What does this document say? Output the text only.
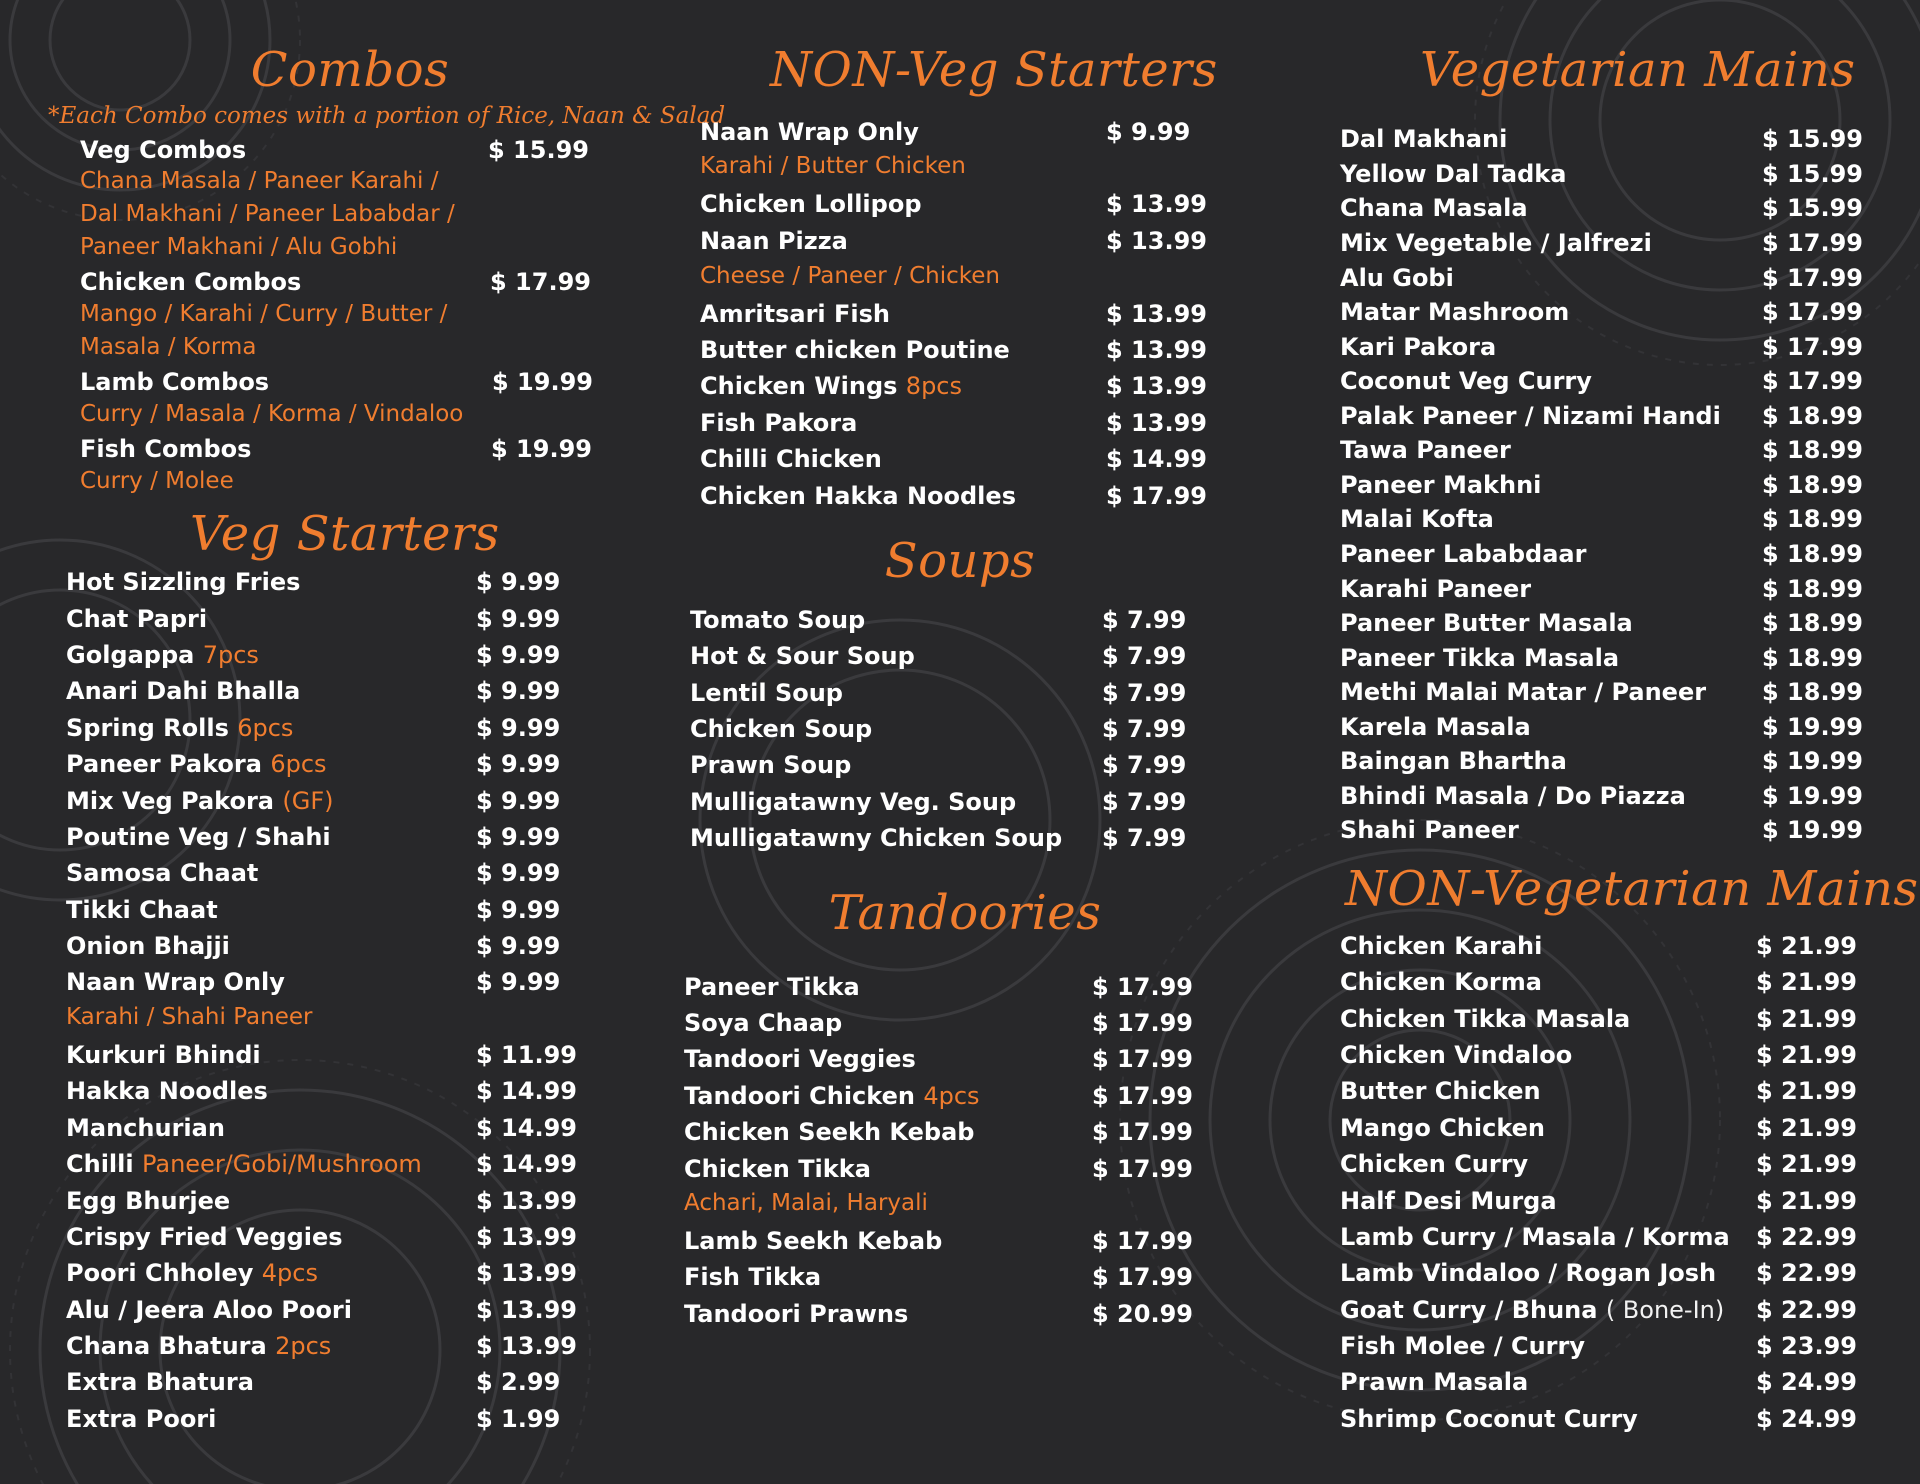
Combos
*Each Combo comes with a portion of Rice, Naan & Salad
Veg Combos	$ 15.99
Chana Masala / Paneer Karahi /
Dal Makhani / Paneer Lababdar /
Paneer Makhani / Alu Gobhi
Chicken Combos	$ 17.99
Mango / Karahi / Curry / Butter /
Masala / Korma
Lamb Combos	$ 19.99
Curry / Masala / Korma / Vindaloo
Fish Combos	$ 19.99
Curry / Molee
Veg Starters
Hot Sizzling Fries	$ 9.99
Chat Papri	$ 9.99
Golgappa 7pcs	$ 9.99
Anari Dahi Bhalla	$ 9.99
Spring Rolls 6pcs	$ 9.99
Paneer Pakora 6pcs	$ 9.99
Mix Veg Pakora (GF)	$ 9.99
Poutine Veg / Shahi	$ 9.99
Samosa Chaat	$ 9.99
Tikki Chaat	$ 9.99
Onion Bhajji	$ 9.99
Naan Wrap Only	$ 9.99
Karahi / Shahi Paneer
Kurkuri Bhindi	$ 11.99
Hakka Noodles	$ 14.99
Manchurian	$ 14.99
Chilli Paneer/Gobi/Mushroom $ 14.99
Egg Bhurjee	$ 13.99
Crispy Fried Veggies	$ 13.99
Poori Chholey 4pcs	$ 13.99
Alu / Jeera Aloo Poori	$ 13.99
Chana Bhatura 2pcs	$ 13.99
Extra Bhatura	$ 2.99
Extra Poori	$ 1.99
NON-Veg Starters
Naan Wrap Only	$ 9.99
Karahi / Butter Chicken
Chicken Lollipop	$ 13.99
Naan Pizza	$ 13.99
Cheese / Paneer / Chicken
Amritsari Fish	$ 13.99
Butter chicken Poutine	$ 13.99
Chicken Wings 8pcs	$ 13.99
Fish Pakora	$ 13.99
Chilli Chicken	$ 14.99
Chicken Hakka Noodles	$ 17.99
Soups
Tomato Soup	$ 7.99
Hot & Sour Soup	$ 7.99
Lentil Soup	$ 7.99
Chicken Soup	$ 7.99
Prawn Soup	$ 7.99
Mulligatawny Veg. Soup	$ 7.99
Mulligatawny Chicken Soup $ 7.99
Tandoories
Paneer Tikka	$ 17.99
Soya Chaap	$ 17.99
Tandoori Veggies	$ 17.99
Tandoori Chicken 4pcs	$ 17.99
Chicken Seekh Kebab	$ 17.99
Chicken Tikka	$ 17.99
Achari, Malai, Haryali
Lamb Seekh Kebab	$ 17.99
Fish Tikka	$ 17.99
Tandoori Prawns	$ 20.99
Vegetarian Mains
Dal Makhani	$ 15.99
Yellow Dal Tadka	$ 15.99
Chana Masala	$ 15.99
Mix Vegetable / Jalfrezi	$ 17.99
Alu Gobi	$ 17.99
Matar Mashroom	$ 17.99
Kari Pakora	$ 17.99
Coconut Veg Curry	$ 17.99
Palak Paneer / Nizami Handi $ 18.99
Tawa Paneer	$ 18.99
Paneer Makhni	$ 18.99
Malai Kofta	$ 18.99
Paneer Lababdaar	$ 18.99
Karahi Paneer	$ 18.99
Paneer Butter Masala	$ 18.99
Paneer Tikka Masala	$ 18.99
Methi Malai Matar / Paneer $ 18.99
Karela Masala	$ 19.99
Baingan Bhartha	$ 19.99
Bhindi Masala / Do Piazza	$ 19.99
Shahi Paneer	$ 19.99
NON-Vegetarian Mains
Chicken Karahi	$ 21.99
Chicken Korma	$ 21.99
Chicken Tikka Masala	$ 21.99
Chicken Vindaloo	$ 21.99
Butter Chicken	$ 21.99
Mango Chicken	$ 21.99
Chicken Curry	$ 21.99
Half Desi Murga	$ 21.99
Lamb Curry / Masala / Korma $ 22.99
Lamb Vindaloo / Rogan Josh $ 22.99
Goat Curry / Bhuna ( Bone-In) $ 22.99
Fish Molee / Curry	$ 23.99
Prawn Masala	$ 24.99
Shrimp Coconut Curry	$ 24.99
